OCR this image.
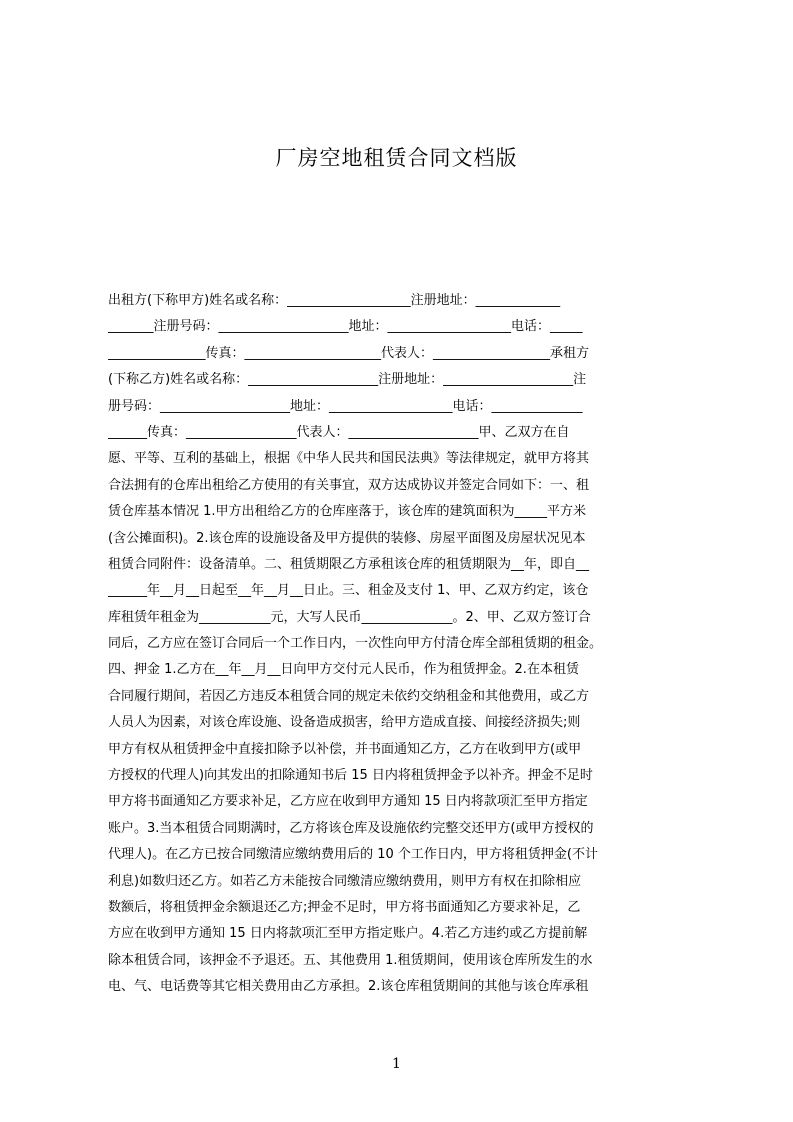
厂房空地租赁合同文档版
出租方(下称甲方)姓名或名称：___________________注册地址：_____________
_______注册号码：____________________地址：___________________电话：_____
_______________传真：_____________________代表人：__________________承租方
(下称乙方)姓名或名称：____________________注册地址：____________________注
册号码：____________________地址：___________________电话：______________
______传真：_________________代表人：____________________甲、乙双方在自
愿、平等、互利的基础上，根据《中华人民共和国民法典》等法律规定，就甲方将其
合法拥有的仓库出租给乙方使用的有关事宜，双方达成协议并签定合同如下：一、租
赁仓库基本情况 1.甲方出租给乙方的仓库座落于，该仓库的建筑面积为_____平方米
(含公摊面积)。2.该仓库的设施设备及甲方提供的装修、房屋平面图及房屋状况见本
租赁合同附件：设备清单。二、租赁期限乙方承租该仓库的租赁期限为__年，即自__
______年__月__日起至__年__月__日止。三、租金及支付 1、甲、乙双方约定，该仓
库租赁年租金为___________元，大写人民币______________。2、甲、乙双方签订合
同后，乙方应在签订合同后一个工作日内，一次性向甲方付清仓库全部租赁期的租金。
四、押金 1.乙方在__年__月__日向甲方交付元人民币，作为租赁押金。2.在本租赁
合同履行期间，若因乙方违反本租赁合同的规定未依约交纳租金和其他费用，或乙方
人员人为因素，对该仓库设施、设备造成损害，给甲方造成直接、间接经济损失;则
甲方有权从租赁押金中直接扣除予以补偿，并书面通知乙方，乙方在收到甲方(或甲
方授权的代理人)向其发出的扣除通知书后 15 日内将租赁押金予以补齐。押金不足时
甲方将书面通知乙方要求补足，乙方应在收到甲方通知 15 日内将款项汇至甲方指定
账户。3.当本租赁合同期满时，乙方将该仓库及设施依约完整交还甲方(或甲方授权的
代理人)。在乙方已按合同缴清应缴纳费用后的 10 个工作日内，甲方将租赁押金(不计
利息)如数归还乙方。如若乙方未能按合同缴清应缴纳费用，则甲方有权在扣除相应
数额后，将租赁押金余额退还乙方;押金不足时，甲方将书面通知乙方要求补足，乙
方应在收到甲方通知 15 日内将款项汇至甲方指定账户。4.若乙方违约或乙方提前解
除本租赁合同，该押金不予退还。五、其他费用 1.租赁期间，使用该仓库所发生的水
电、气、电话费等其它相关费用由乙方承担。2.该仓库租赁期间的其他与该仓库承租
1
